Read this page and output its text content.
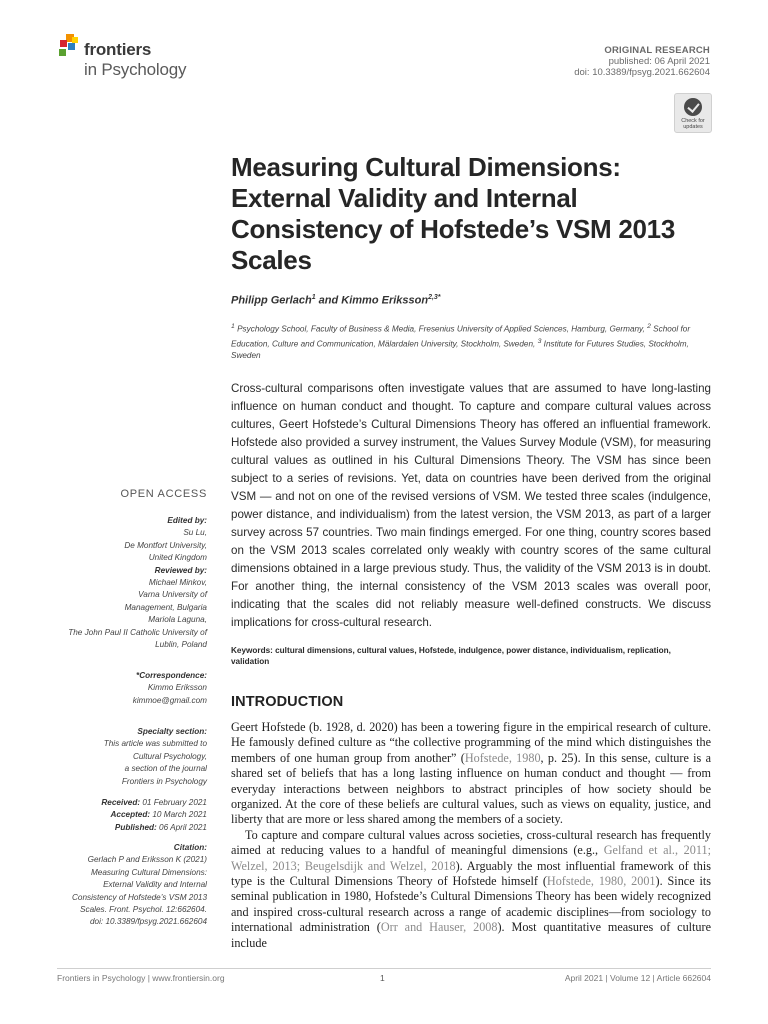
frontiers
in Psychology
ORIGINAL RESEARCH
published: 06 April 2021
doi: 10.3389/fpsyg.2021.662604
Check for updates
Measuring Cultural Dimensions: External Validity and Internal Consistency of Hofstede’s VSM 2013 Scales
Philipp Gerlach$^1$ and Kimmo Eriksson$^{2,3*}$
$^1$ Psychology School, Faculty of Business & Media, Fresenius University of Applied Sciences, Hamburg, Germany, $^2$ School for Education, Culture and Communication, Mälardalen University, Stockholm, Sweden, $^3$ Institute for Futures Studies, Stockholm, Sweden
Cross-cultural comparisons often investigate values that are assumed to have long-lasting influence on human conduct and thought. To capture and compare cultural values across cultures, Geert Hofstede’s Cultural Dimensions Theory has offered an influential framework. Hofstede also provided a survey instrument, the Values Survey Module (VSM), for measuring cultural values as outlined in his Cultural Dimensions Theory. The VSM has since been subject to a series of revisions. Yet, data on countries have been derived from the original VSM — and not on one of the revised versions of VSM. We tested three scales (indulgence, power distance, and individualism) from the latest version, the VSM 2013, as part of a larger survey across 57 countries. Two main findings emerged. For one thing, country scores based on the VSM 2013 scales correlated only weakly with country scores of the same cultural dimensions obtained in a large previous study. Thus, the validity of the VSM 2013 is in doubt. For another thing, the internal consistency of the VSM 2013 scales was overall poor, indicating that the scales did not reliably measure well-defined constructs. We discuss implications for cross-cultural research.
Keywords: cultural dimensions, cultural values, Hofstede, indulgence, power distance, individualism, replication, validation
OPEN ACCESS
Edited by:
Su Lu,
De Montfort University,
United Kingdom
Reviewed by:
Michael Minkov,
Varna University of
Management, Bulgaria
Mariola Laguna,
The John Paul II Catholic University of
Lublin, Poland
*Correspondence:
Kimmo Eriksson
kimmoe@gmail.com
Specialty section:
This article was submitted to
Cultural Psychology,
a section of the journal
Frontiers in Psychology
Received: 01 February 2021
Accepted: 10 March 2021
Published: 06 April 2021
Citation:
Gerlach P and Eriksson K (2021)
Measuring Cultural Dimensions:
External Validity and Internal
Consistency of Hofstede’s VSM 2013
Scales. Front. Psychol. 12:662604.
doi: 10.3389/fpsyg.2021.662604
INTRODUCTION

Geert Hofstede (b. 1928, d. 2020) has been a towering figure in the empirical research of culture. He famously defined culture as “the collective programming of the mind which distinguishes the members of one human group from another” (Hofstede, 1980, p. 25). In this sense, culture is a shared set of beliefs that has a long lasting influence on human conduct and thought — from everyday interactions between neighbors to abstract principles of how society should be organized. At the core of these beliefs are cultural values, such as views on equality, justice, and liberty that are more or less shared among the members of a society.

To capture and compare cultural values across societies, cross-cultural research has frequently aimed at reducing values to a handful of meaningful dimensions (e.g., Gelfand et al., 2011; Welzel, 2013; Beugelsdijk and Welzel, 2018). Arguably the most influential framework of this type is the Cultural Dimensions Theory of Hofstede himself (Hofstede, 1980, 2001). Since its seminal publication in 1980, Hofstede’s Cultural Dimensions Theory has been widely recognized and inspired cross-cultural research across a range of academic disciplines—from sociology to international administration (Orr and Hauser, 2008). Most quantitative measures of culture include

Frontiers in Psychology | www.frontiersin.org	1	April 2021 | Volume 12 | Article 662604
